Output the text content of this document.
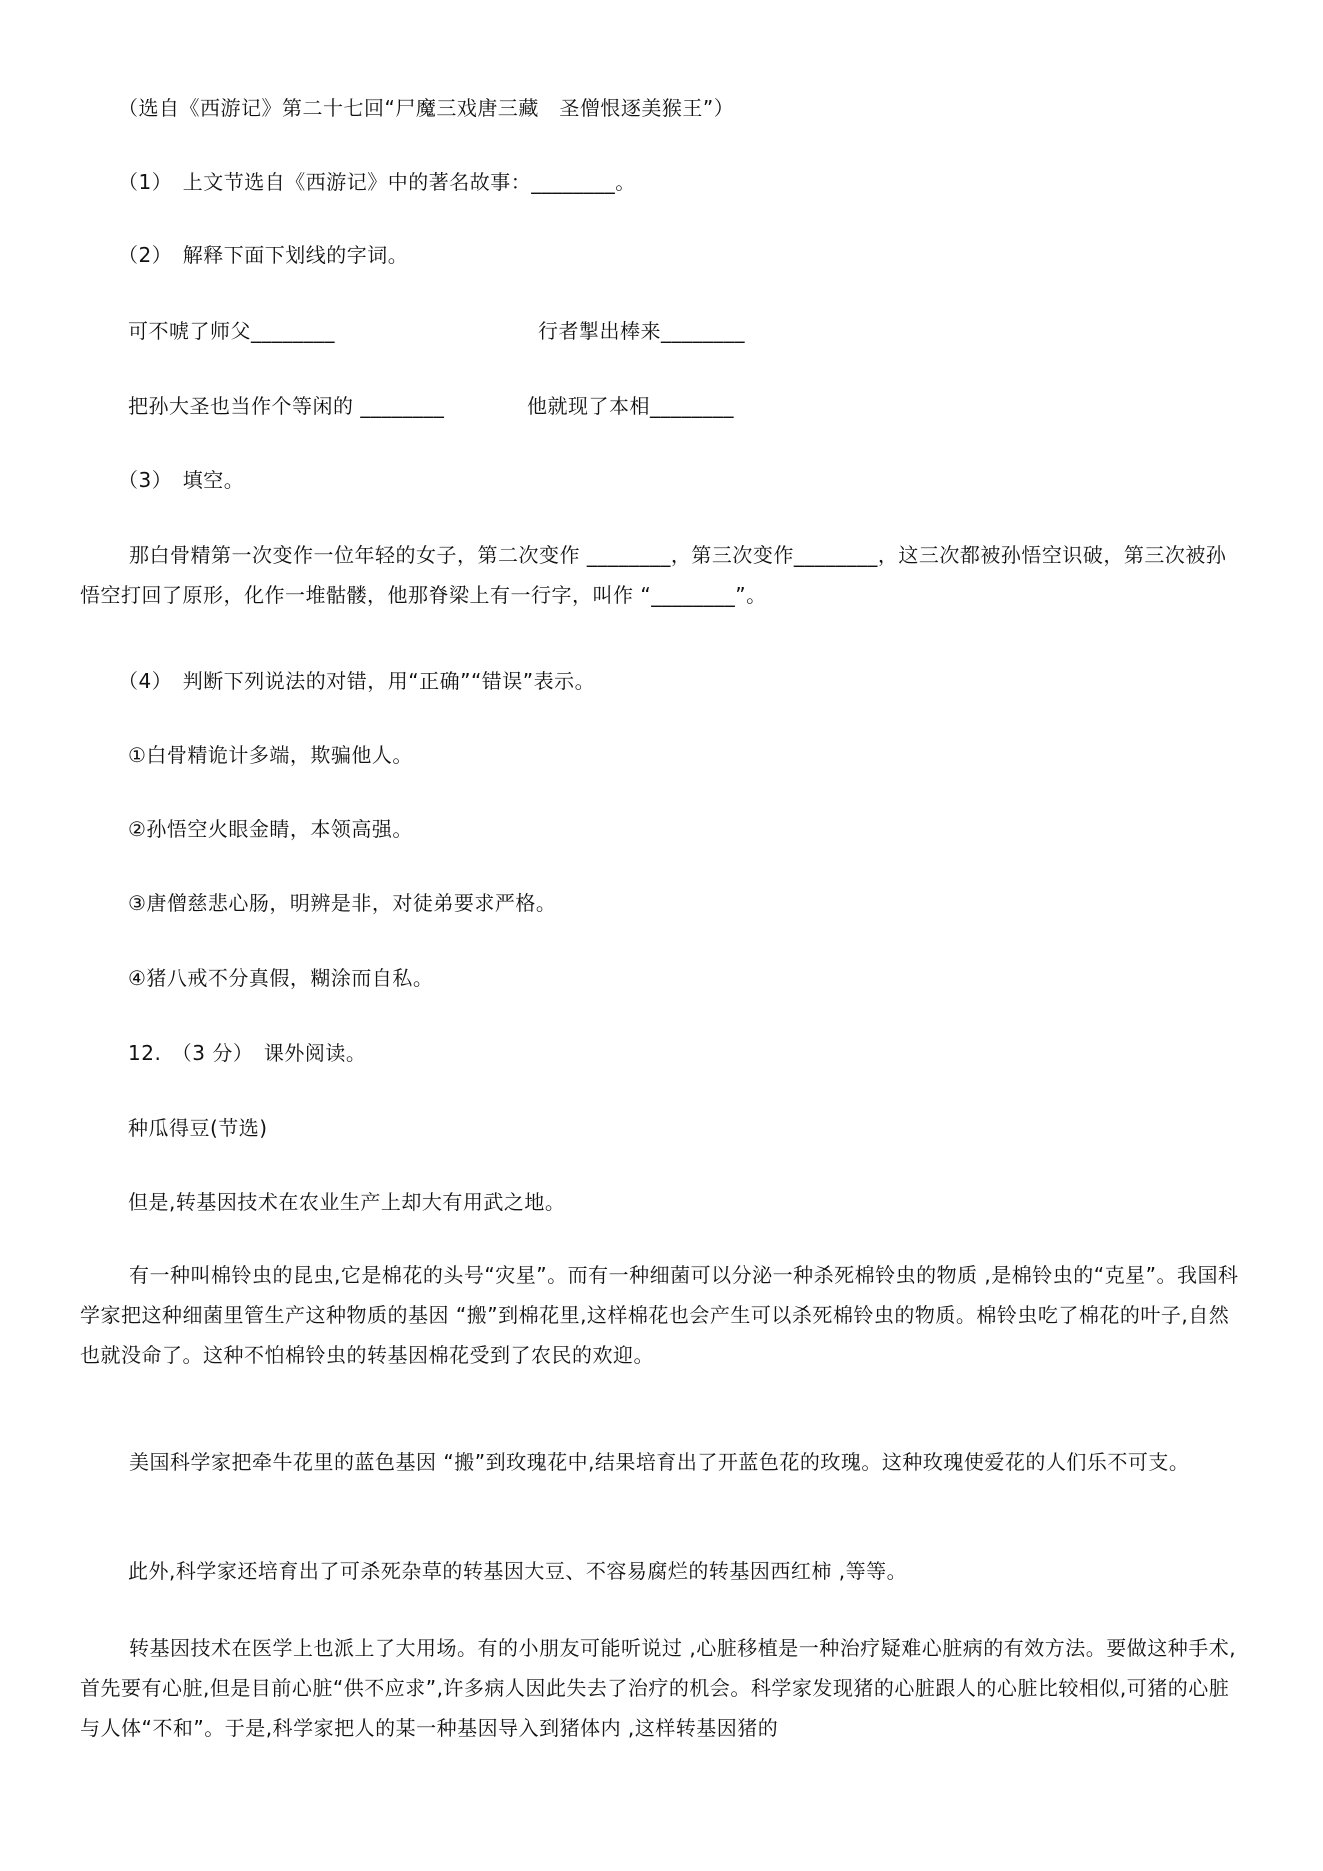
（选自《西游记》第二十七回“尸魔三戏唐三藏　圣僧恨逐美猴王”）
（1）　上文节选自《西游记》中的著名故事：________。
（2）　解释下面下划线的字词。
可不唬了师父________	行者掣出棒来________
把孙大圣也当作个等闲的 ________	他就现了本相________
（3）　填空。
那白骨精第一次变作一位年轻的女子，第二次变作 ________，第三次变作________，这三次都被孙悟空识破，第三次被孙悟空打回了原形，化作一堆骷髅，他那脊梁上有一行字，叫作 “________”。
（4）　判断下列说法的对错，用“正确”“错误”表示。
①白骨精诡计多端，欺骗他人。
②孙悟空火眼金睛，本领高强。
③唐僧慈悲心肠，明辨是非，对徒弟要求严格。
④猪八戒不分真假，糊涂而自私。
12.　（3 分）　课外阅读。
种瓜得豆(节选)
但是,转基因技术在农业生产上却大有用武之地。
有一种叫棉铃虫的昆虫,它是棉花的头号“灾星”。而有一种细菌可以分泌一种杀死棉铃虫的物质 ,是棉铃虫的“克星”。我国科学家把这种细菌里管生产这种物质的基因 “搬”到棉花里,这样棉花也会产生可以杀死棉铃虫的物质。棉铃虫吃了棉花的叶子,自然也就没命了。这种不怕棉铃虫的转基因棉花受到了农民的欢迎。
美国科学家把牵牛花里的蓝色基因 “搬”到玫瑰花中,结果培育出了开蓝色花的玫瑰。这种玫瑰使爱花的人们乐不可支。
此外,科学家还培育出了可杀死杂草的转基因大豆、不容易腐烂的转基因西红柿 ,等等。
转基因技术在医学上也派上了大用场。有的小朋友可能听说过 ,心脏移植是一种治疗疑难心脏病的有效方法。要做这种手术,首先要有心脏,但是目前心脏“供不应求”,许多病人因此失去了治疗的机会。科学家发现猪的心脏跟人的心脏比较相似,可猪的心脏与人体“不和”。于是,科学家把人的某一种基因导入到猪体内 ,这样转基因猪的
